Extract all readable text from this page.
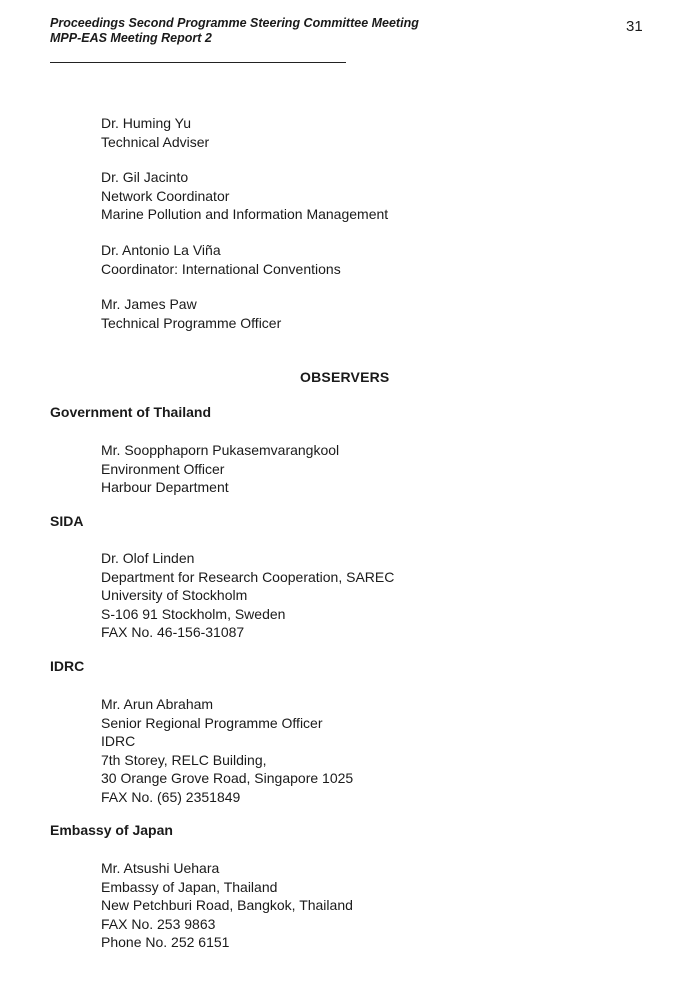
Proceedings Second Programme Steering Committee Meeting
MPP-EAS Meeting Report 2
31
Dr. Huming Yu
Technical Adviser
Dr. Gil Jacinto
Network Coordinator
Marine Pollution and Information Management
Dr. Antonio La Viña
Coordinator: International Conventions
Mr. James Paw
Technical Programme Officer
OBSERVERS
Government of Thailand
Mr. Soopphaporn Pukasemvarangkool
Environment Officer
Harbour Department
SIDA
Dr. Olof Linden
Department for Research Cooperation, SAREC
University of Stockholm
S-106 91 Stockholm, Sweden
FAX No. 46-156-31087
IDRC
Mr. Arun Abraham
Senior Regional Programme Officer
IDRC
7th Storey, RELC Building,
30 Orange Grove Road, Singapore 1025
FAX No. (65) 2351849
Embassy of Japan
Mr. Atsushi Uehara
Embassy of Japan, Thailand
New Petchburi Road, Bangkok, Thailand
FAX No. 253 9863
Phone No. 252 6151
